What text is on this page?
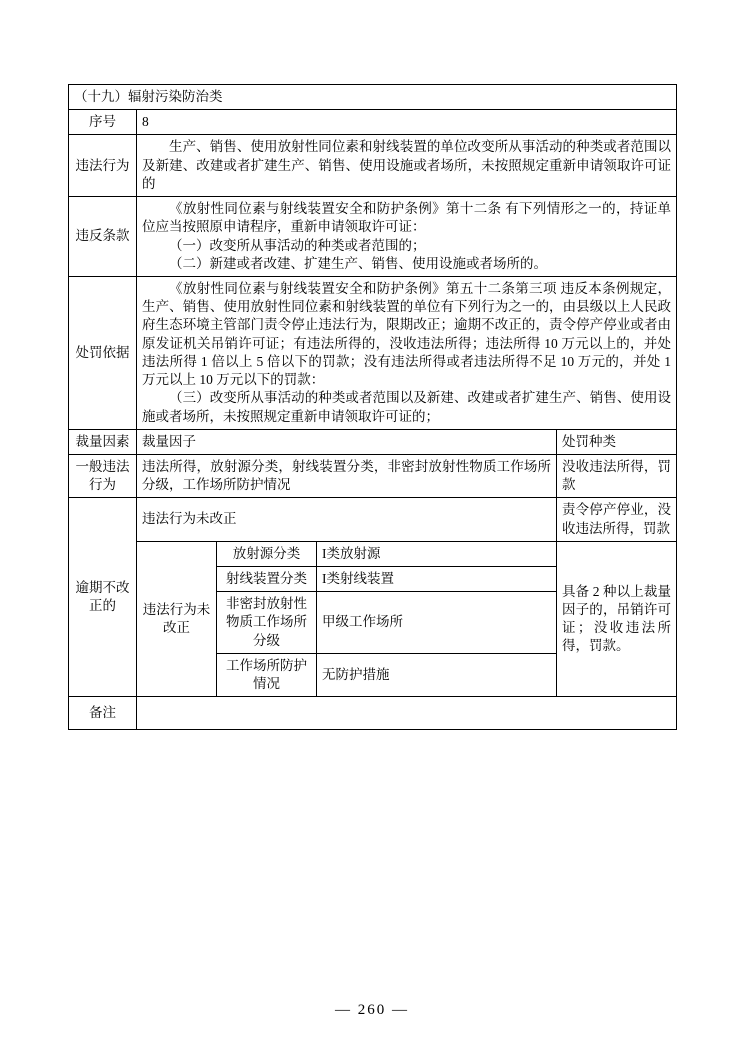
（十九）辐射污染防治类				
序号	8			
违法行为	生产、销售、使用放射性同位素和射线装置的单位改变所从事活动的种类或者范围以及新建、改建或者扩建生产、销售、使用设施或者场所，未按照规定重新申请领取许可证的			
违反条款	《放射性同位素与射线装置安全和防护条例》第十二条 有下列情形之一的，持证单位应当按照原申请程序，重新申请领取许可证：
（一）改变所从事活动的种类或者范围的；
（二）新建或者改建、扩建生产、销售、使用设施或者场所的。			

处罚依据	《放射性同位素与射线装置安全和防护条例》第五十二条第三项 违反本条例规定，生产、销售、使用放射性同位素和射线装置的单位有下列行为之一的，由县级以上人民政府生态环境主管部门责令停止违法行为，限期改正；逾期不改正的，责令停产停业或者由原发证机关吊销许可证；有违法所得的，没收违法所得；违法所得 10 万元以上的，并处违法所得 1 倍以上 5 倍以下的罚款；没有违法所得或者违法所得不足 10 万元的，并处 1 万元以上 10 万元以下的罚款：
（三）改变所从事活动的种类或者范围以及新建、改建或者扩建生产、销售、使用设施或者场所，未按照规定重新申请领取许可证的；			

裁量因素	裁量因子			处罚种类
一般违法行为	违法所得，放射源分类，射线装置分类，非密封放射性物质工作场所分级，工作场所防护情况			没收违法所得，罚款
逾期不改正的	违法行为未改正			责令停产停业，没收违法所得，罚款
	违法行为未改正	放射源分类	I类放射源	具备 2 种以上裁量因子的，吊销许可证；没收违法所得，罚款。
		射线装置分类	I类射线装置	
		非密封放射性物质工作场所分级	甲级工作场所	
		工作场所防护情况	无防护措施	
备注				
— 260 —
